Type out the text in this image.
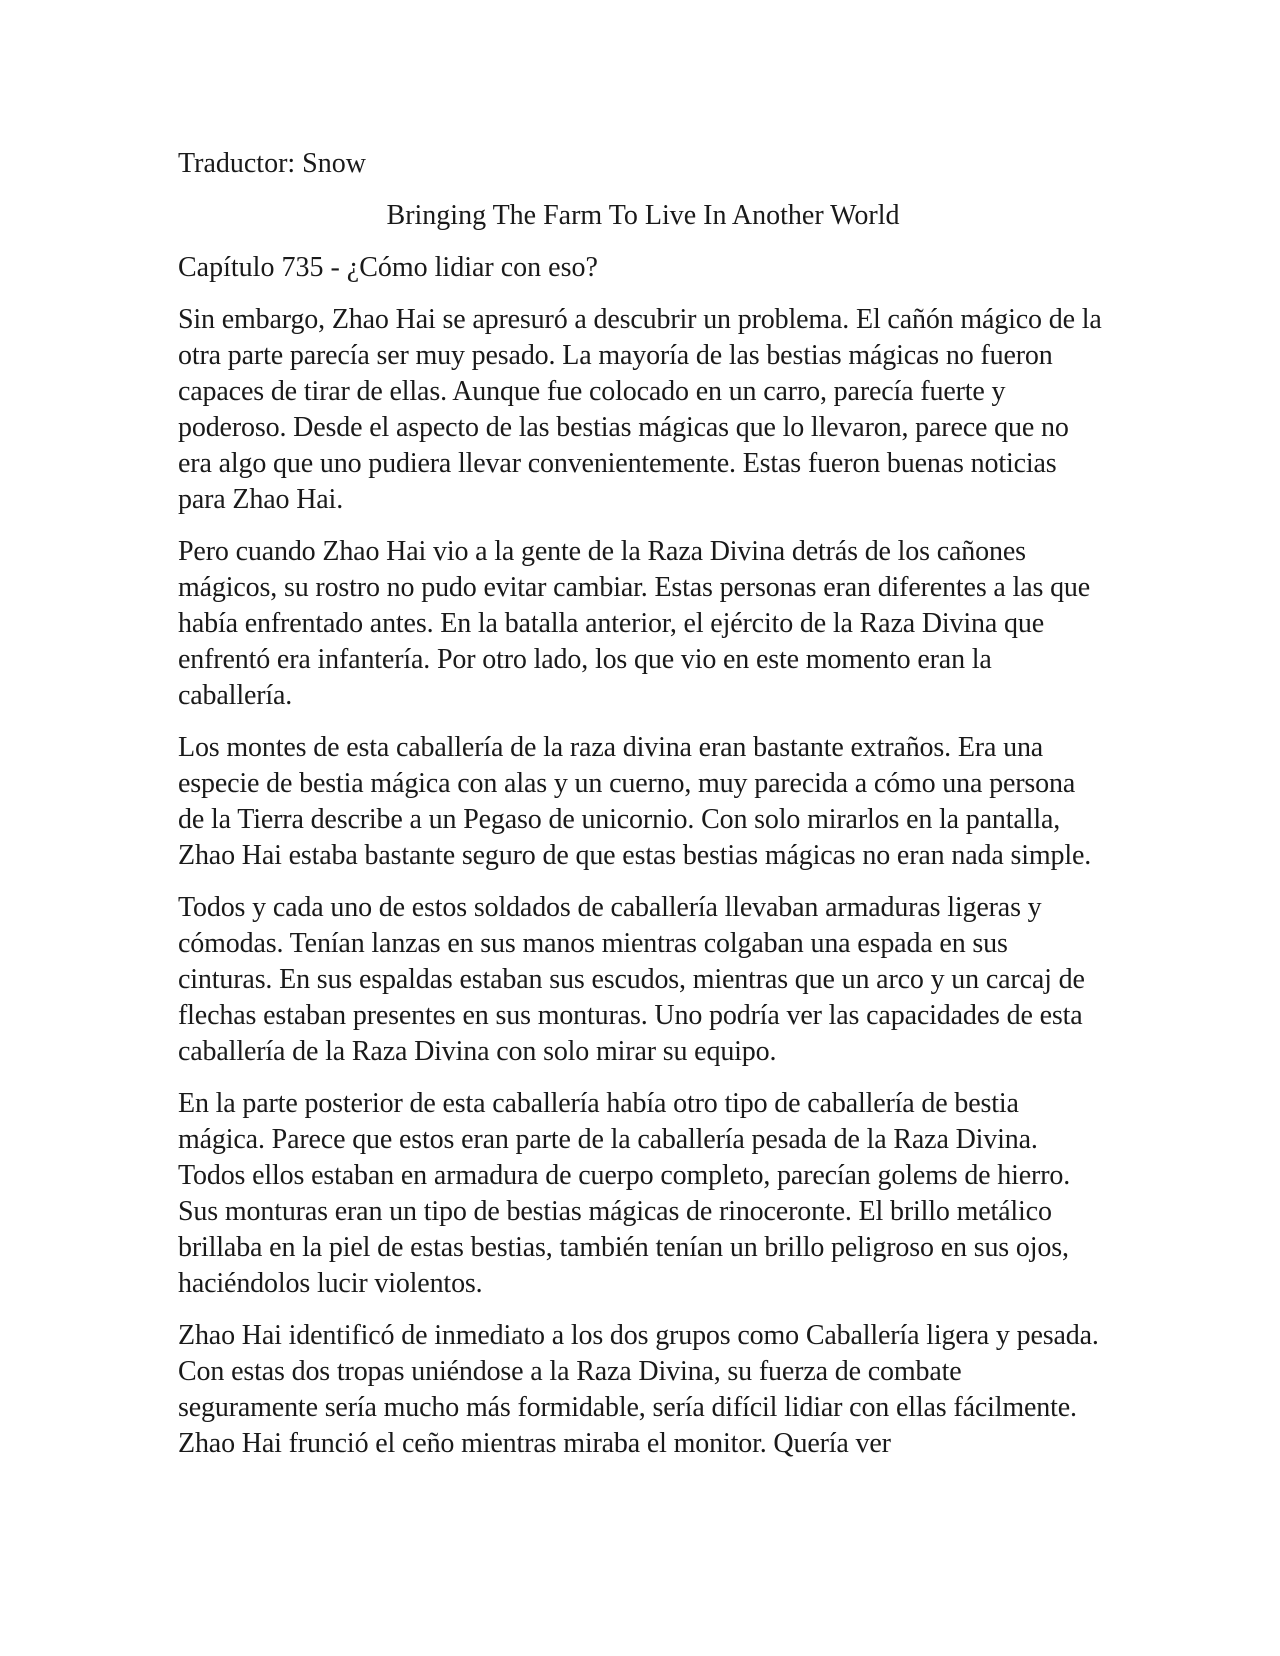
Traductor: Snow

Bringing The Farm To Live In Another World

Capítulo 735 - ¿Cómo lidiar con eso?

Sin embargo, Zhao Hai se apresuró a descubrir un problema. El cañón mágico de la otra parte parecía ser muy pesado. La mayoría de las bestias mágicas no fueron capaces de tirar de ellas. Aunque fue colocado en un carro, parecía fuerte y poderoso. Desde el aspecto de las bestias mágicas que lo llevaron, parece que no era algo que uno pudiera llevar convenientemente. Estas fueron buenas noticias para Zhao Hai.

Pero cuando Zhao Hai vio a la gente de la Raza Divina detrás de los cañones mágicos, su rostro no pudo evitar cambiar. Estas personas eran diferentes a las que había enfrentado antes. En la batalla anterior, el ejército de la Raza Divina que enfrentó era infantería. Por otro lado, los que vio en este momento eran la caballería.

Los montes de esta caballería de la raza divina eran bastante extraños. Era una especie de bestia mágica con alas y un cuerno, muy parecida a cómo una persona de la Tierra describe a un Pegaso de unicornio. Con solo mirarlos en la pantalla, Zhao Hai estaba bastante seguro de que estas bestias mágicas no eran nada simple.

Todos y cada uno de estos soldados de caballería llevaban armaduras ligeras y cómodas. Tenían lanzas en sus manos mientras colgaban una espada en sus cinturas. En sus espaldas estaban sus escudos, mientras que un arco y un carcaj de flechas estaban presentes en sus monturas. Uno podría ver las capacidades de esta caballería de la Raza Divina con solo mirar su equipo.

En la parte posterior de esta caballería había otro tipo de caballería de bestia mágica. Parece que estos eran parte de la caballería pesada de la Raza Divina. Todos ellos estaban en armadura de cuerpo completo, parecían golems de hierro. Sus monturas eran un tipo de bestias mágicas de rinoceronte. El brillo metálico brillaba en la piel de estas bestias, también tenían un brillo peligroso en sus ojos, haciéndolos lucir violentos.

Zhao Hai identificó de inmediato a los dos grupos como Caballería ligera y pesada. Con estas dos tropas uniéndose a la Raza Divina, su fuerza de combate seguramente sería mucho más formidable, sería difícil lidiar con ellas fácilmente. Zhao Hai frunció el ceño mientras miraba el monitor. Quería ver
